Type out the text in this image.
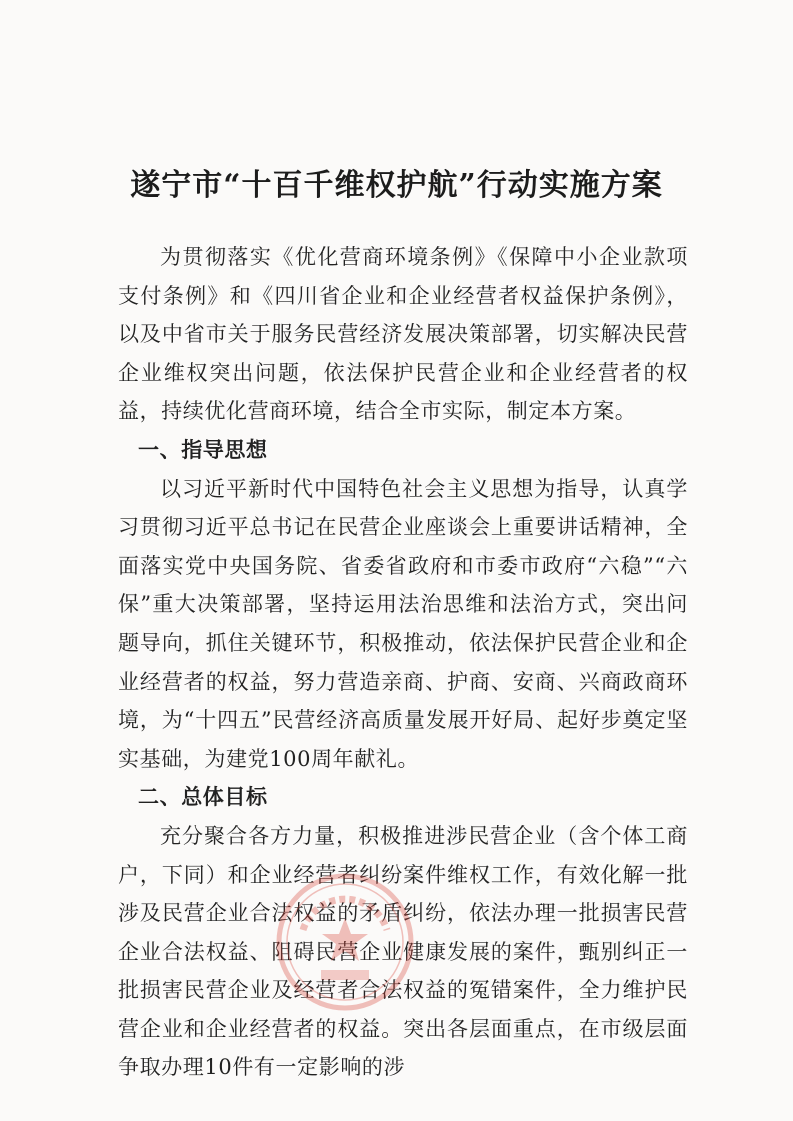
遂宁市“十百千维权护航”行动实施方案

为贯彻落实《优化营商环境条例》《保障中小企业款项支付条例》和《四川省企业和企业经营者权益保护条例》，以及中省市关于服务民营经济发展决策部署，切实解决民营企业维权突出问题，依法保护民营企业和企业经营者的权益，持续优化营商环境，结合全市实际，制定本方案。

一、指导思想

以习近平新时代中国特色社会主义思想为指导，认真学习贯彻习近平总书记在民营企业座谈会上重要讲话精神，全面落实党中央国务院、省委省政府和市委市政府“六稳”“六保”重大决策部署，坚持运用法治思维和法治方式，突出问题导向，抓住关键环节，积极推动，依法保护民营企业和企业经营者的权益，努力营造亲商、护商、安商、兴商政商环境，为“十四五”民营经济高质量发展开好局、起好步奠定坚实基础，为建党100周年献礼。

二、总体目标

充分聚合各方力量，积极推进涉民营企业（含个体工商户，下同）和企业经营者纠纷案件维权工作，有效化解一批涉及民营企业合法权益的矛盾纠纷，依法办理一批损害民营企业合法权益、阻碍民营企业健康发展的案件，甄别纠正一批损害民营企业及经营者合法权益的冤错案件，全力维护民营企业和企业经营者的权益。突出各层面重点，在市级层面争取办理10件有一定影响的涉
